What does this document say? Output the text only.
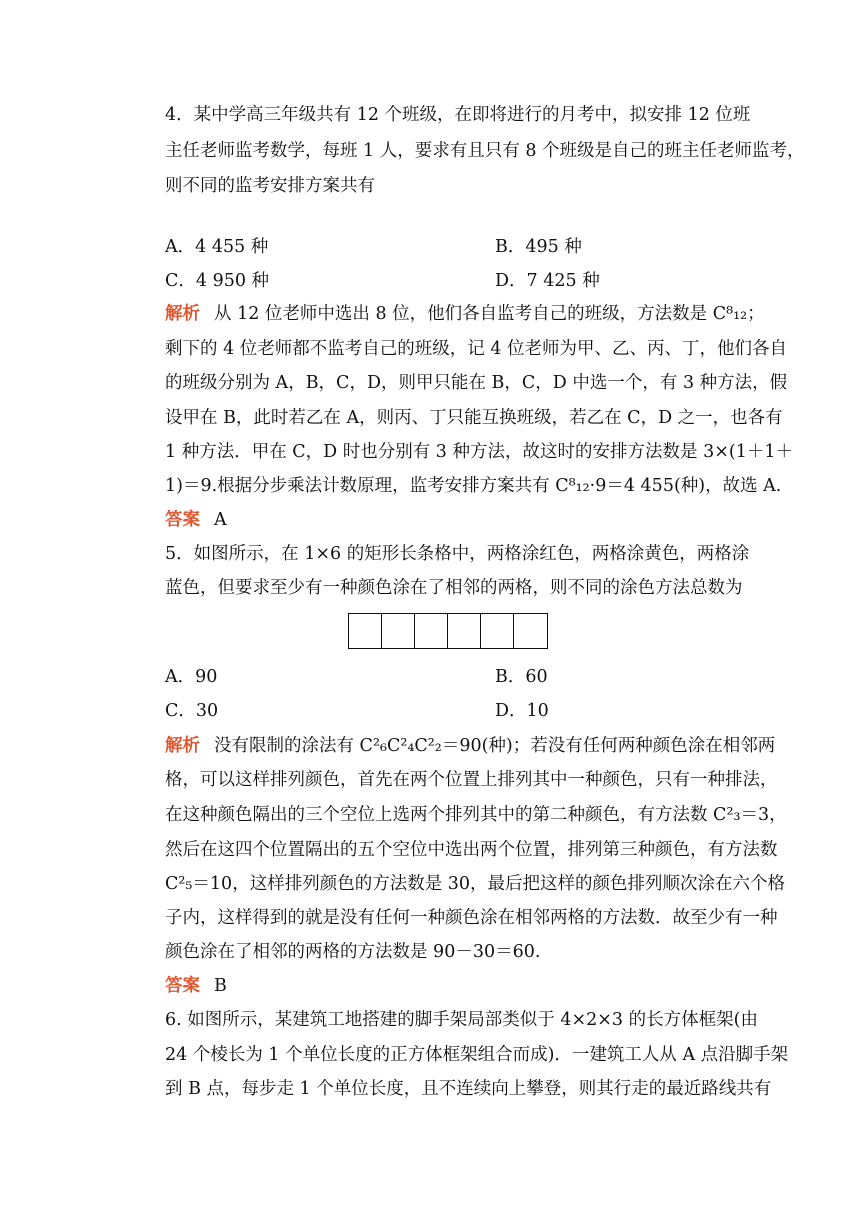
4．某中学高三年级共有 12 个班级，在即将进行的月考中，拟安排 12 位班
主任老师监考数学，每班 1 人，要求有且只有 8 个班级是自己的班主任老师监考，
则不同的监考安排方案共有
A．4 455 种	B．495 种
C．4 950 种	D．7 425 种
解析 从 12 位老师中选出 8 位，他们各自监考自己的班级，方法数是 C⁸₁₂；
剩下的 4 位老师都不监考自己的班级，记 4 位老师为甲、乙、丙、丁，他们各自
的班级分别为 A，B，C，D，则甲只能在 B，C，D 中选一个，有 3 种方法，假
设甲在 B，此时若乙在 A，则丙、丁只能互换班级，若乙在 C，D 之一，也各有
1 种方法．甲在 C，D 时也分别有 3 种方法，故这时的安排方法数是 3×(1＋1＋
1)＝9.根据分步乘法计数原理，监考安排方案共有 C⁸₁₂·9＝4 455(种)，故选 A.
答案 A
5．如图所示，在 1×6 的矩形长条格中，两格涂红色，两格涂黄色，两格涂
蓝色，但要求至少有一种颜色涂在了相邻的两格，则不同的涂色方法总数为
A．90	B．60
C．30	D．10
解析 没有限制的涂法有 C²₆C²₄C²₂＝90(种)；若没有任何两种颜色涂在相邻两
格，可以这样排列颜色，首先在两个位置上排列其中一种颜色，只有一种排法，
在这种颜色隔出的三个空位上选两个排列其中的第二种颜色，有方法数 C²₃＝3，
然后在这四个位置隔出的五个空位中选出两个位置，排列第三种颜色，有方法数
C²₅＝10，这样排列颜色的方法数是 30，最后把这样的颜色排列顺次涂在六个格
子内，这样得到的就是没有任何一种颜色涂在相邻两格的方法数．故至少有一种
颜色涂在了相邻的两格的方法数是 90－30＝60.
答案 B
6. 如图所示，某建筑工地搭建的脚手架局部类似于 4×2×3 的长方体框架(由
24 个棱长为 1 个单位长度的正方体框架组合而成)．一建筑工人从 A 点沿脚手架
到 B 点，每步走 1 个单位长度，且不连续向上攀登，则其行走的最近路线共有
